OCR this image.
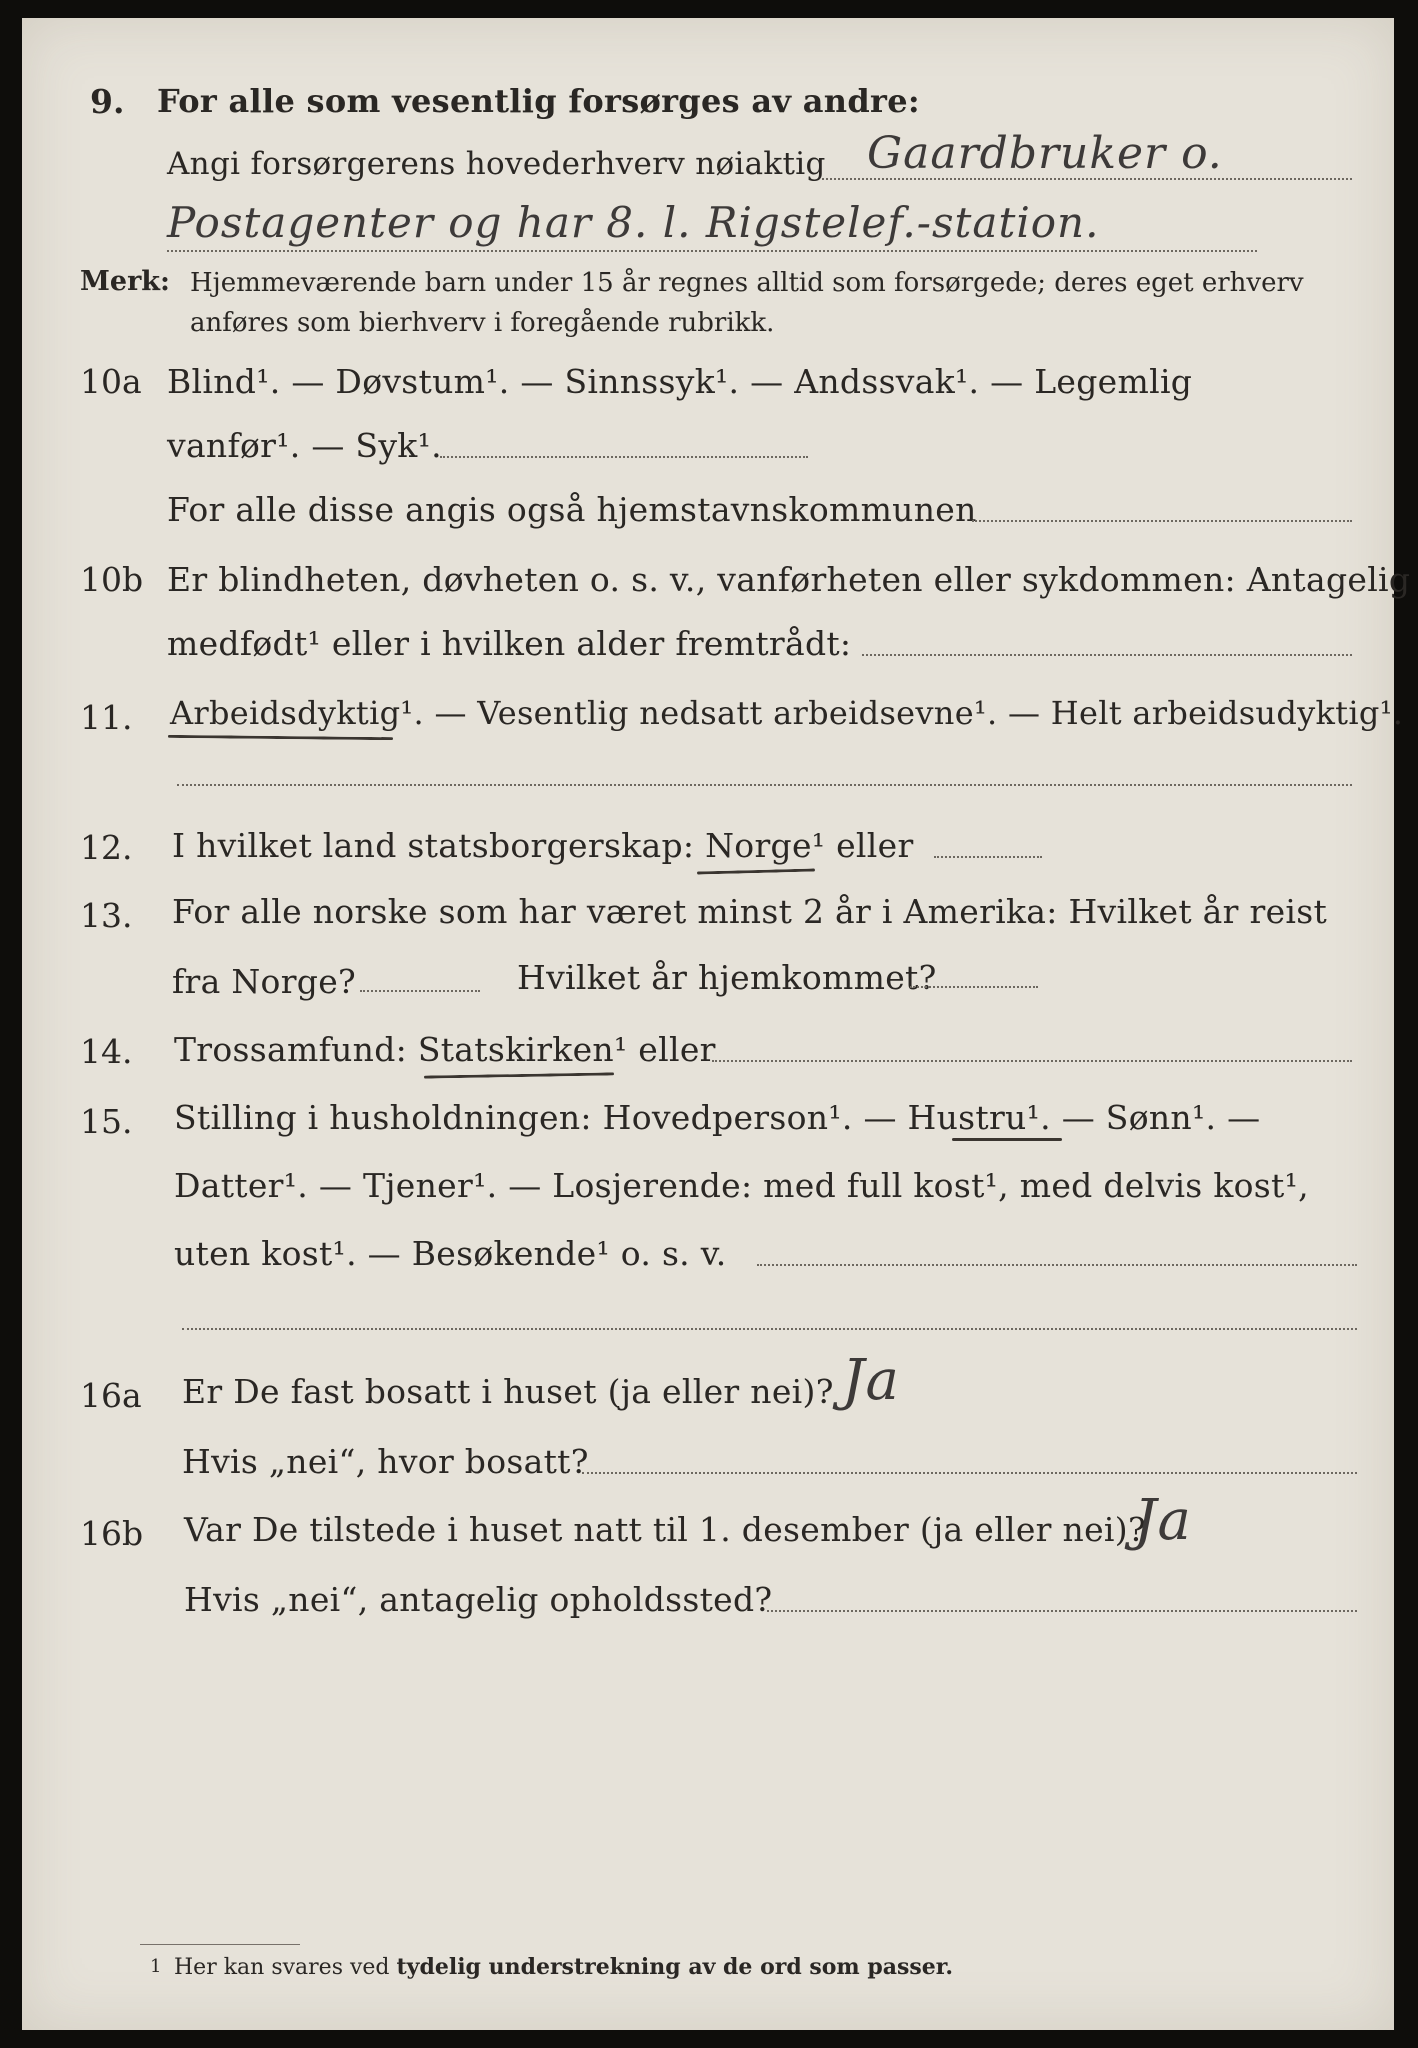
9. For alle som vesentlig forsørges av andre:
Angi forsørgerens hovederhverv nøiaktig Gaardbruker o.
Postagenter og har 8. l. Rigstelef.-station.
Merk: Hjemmeværende barn under 15 år regnes alltid som forsørgede; deres eget erhverv
anføres som bierhverv i foregående rubrikk.
10a Blind¹. — Døvstum¹. — Sinnssyk¹. — Andssvak¹. — Legemlig
vanfør¹. — Syk¹.
For alle disse angis også hjemstavnskommunen
10b Er blindheten, døvheten o. s. v., vanførheten eller sykdommen: Antagelig
medfødt¹ eller i hvilken alder fremtrådt:
11. Arbeidsdyktig¹. — Vesentlig nedsatt arbeidsevne¹. — Helt arbeidsudyktig¹.
12. I hvilket land statsborgerskap: Norge¹ eller
13. For alle norske som har været minst 2 år i Amerika: Hvilket år reist
fra Norge?	Hvilket år hjemkommet?
14. Trossamfund: Statskirken¹ eller
15. Stilling i husholdningen: Hovedperson¹. — Hustru¹. — Sønn¹. —
Datter¹. — Tjener¹. — Losjerende: med full kost¹, med delvis kost¹,
uten kost¹. — Besøkende¹ o. s. v.
16a Er De fast bosatt i huset (ja eller nei)? Ja
Hvis „nei“, hvor bosatt?
16b Var De tilstede i huset natt til 1. desember (ja eller nei)?
Ja
Hvis „nei“, antagelig opholdssted?
1 Her kan svares ved tydelig understrekning av de ord som passer.
